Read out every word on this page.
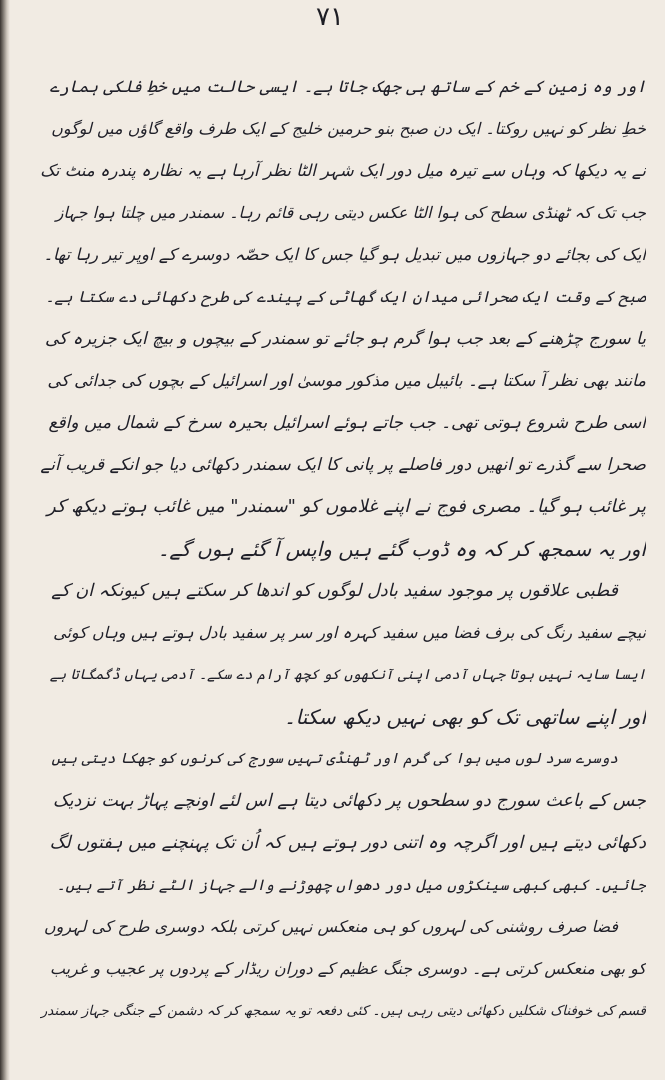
۷۱
اور وہ زمین کے خم کے ساتھ ہی جھک جاتا ہے۔ ایسی حالت میں خطِ فلکی ہمارے
خطِ نظر کو نہیں روکتا۔ ایک دن صبح بنو حرمین خلیج کے ایک طرف واقع گاؤں میں لوگوں
نے یہ دیکھا کہ وہاں سے تیرہ میل دور ایک شہر الٹا نظر آرہا ہے یہ نظارہ پندرہ منٹ تک
جب تک کہ ٹھنڈی سطح کی ہوا الٹا عکس دیتی رہی قائم رہا۔ سمندر میں چلتا ہوا جہاز
ایک کی بجائے دو جہازوں میں تبدیل ہو گیا جس کا ایک حصّہ دوسرے کے اوپر تیر رہا تھا۔
صبح کے وقت ایک صحرائی میدان ایک گھاٹی کے پیندے کی طرح دکھائی دے سکتا ہے۔
یا سورج چڑھنے کے بعد جب ہوا گرم ہو جائے تو سمندر کے بیچوں و بیچ ایک جزیرہ کی
مانند بھی نظر آ سکتا ہے۔ بائیبل میں مذکور موسیٰ اور اسرائیل کے بچوں کی جدائی کی
اسی طرح شروع ہوتی تھی۔ جب جاتے ہوئے اسرائیل بحیرہ سرخ کے شمال میں واقع
صحرا سے گذرے تو انھیں دور فاصلے پر پانی کا ایک سمندر دکھائی دیا جو انکے قریب آنے
پر غائب ہو گیا۔ مصری فوج نے اپنے غلاموں کو "سمندر" میں غائب ہوتے دیکھ کر
اور یہ سمجھ کر کہ وہ ڈوب گئے ہیں واپس آ گئے ہوں گے۔
قطبی علاقوں پر موجود سفید بادل لوگوں کو اندھا کر سکتے ہیں کیونکہ ان کے
نیچے سفید رنگ کی برف فضا میں سفید کہرہ اور سر پر سفید بادل ہوتے ہیں وہاں کوئی
ایسا سایہ نہیں ہوتا جہاں آدمی اپنی آنکھوں کو کچھ آرام دے سکے۔ آدمی یہاں ڈگمگاتا ہے
اور اپنے ساتھی تک کو بھی نہیں دیکھ سکتا۔
دوسرے سرد لوں میں ہوا کی گرم اور ٹھنڈی تہیں سورج کی کرنوں کو جھکا دیتی ہیں
جس کے باعث سورج دو سطحوں پر دکھائی دیتا ہے اس لئے اونچے پہاڑ بہت نزدیک
دکھائی دیتے ہیں اور اگرچہ وہ اتنی دور ہوتے ہیں کہ اُن تک پہنچنے میں ہفتوں لگ
جائیں۔ کبھی کبھی سینکڑوں میل دور دھواں چھوڑنے والے جہاز الٹے نظر آتے ہیں۔
فضا صرف روشنی کی لہروں کو ہی منعکس نہیں کرتی بلکہ دوسری طرح کی لہروں
کو بھی منعکس کرتی ہے۔ دوسری جنگ عظیم کے دوران ریڈار کے پردوں پر عجیب و غریب
قسم کی خوفناک شکلیں دکھائی دیتی رہی ہیں۔ کئی دفعہ تو یہ سمجھ کر کہ دشمن کے جنگی جہاز سمندر
